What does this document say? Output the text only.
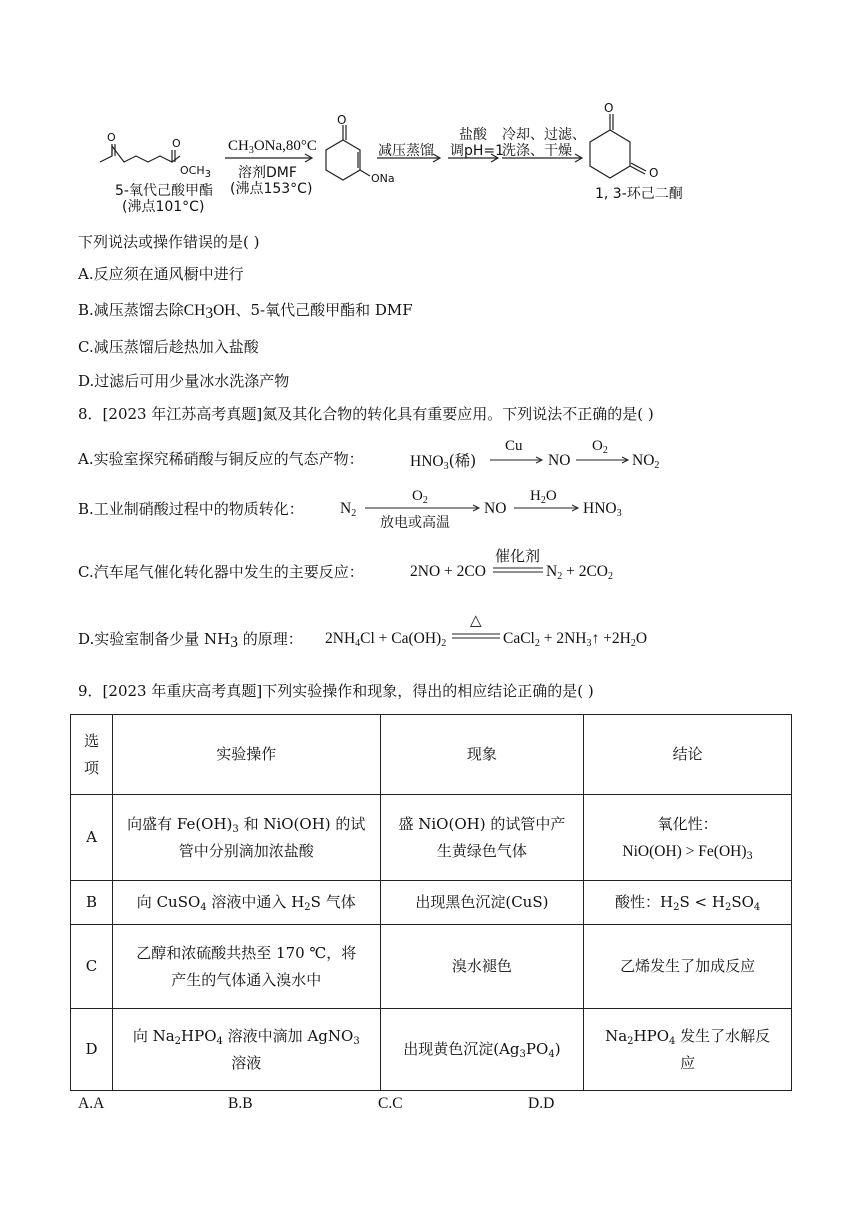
O	O
$OCH_3$
5-氧代己酸甲酯
(沸点101°C)
$CH_3ONa,80^\circ C$
溶剂DMF
(沸点153°C)
O
ONa
减压蒸馏
盐酸
调pH=1
冷却、过滤、
洗涤、干燥
O
O
1, 3-环己二酮
下列说法或操作错误的是( )
A.反应须在通风橱中进行
B.减压蒸馏去除$CH_3OH$、5-氧代己酸甲酯和 DMF
C.减压蒸馏后趁热加入盐酸
D.过滤后可用少量冰水洗涤产物
8．[2023 年江苏高考真题]氮及其化合物的转化具有重要应用。下列说法不正确的是( )
A.实验室探究稀硝酸与铜反应的气态产物：	$HNO_3$(稀)
Cu
NO
$O_2$
$NO_2$
B.工业制硝酸过程中的物质转化： $N_2$
$O_2$
放电或高温
NO
$H_2O$
$HNO_3$
C.汽车尾气催化转化器中发生的主要反应：	2NO + 2CO
催化剂
$N_2 + 2CO_2$
D.实验室制备少量 $NH_3$ 的原理： $2NH_4Cl + Ca(OH)_2$
△
CaCl$_2$ + $2NH_3↑ +2H_2O$
9．[2023 年重庆高考真题]下列实验操作和现象，得出的相应结论正确的是( )
选
项	实验操作	现象	结论
A	向盛有 $Fe(OH)_3$ 和 NiO(OH) 的试
管中分别滴加浓盐酸	盛 NiO(OH) 的试管中产
生黄绿色气体	氧化性：
$NiO(OH) > Fe(OH)_3$
B	向 CuSO$_4$ 溶液中通入 $H_2S$ 气体	出现黑色沉淀(CuS)	酸性：$H_2S < H_2SO_4$
C	乙醇和浓硫酸共热至 170 ℃，将
产生的气体通入溴水中	溴水褪色	乙烯发生了加成反应
D	向 $Na_2HPO_4$ 溶液中滴加 AgNO$_3$
溶液	出现黄色沉淀$(Ag_3PO_4)$	$Na_2HPO_4$ 发生了水解反
应
A.A	B.B	C.C	D.D
